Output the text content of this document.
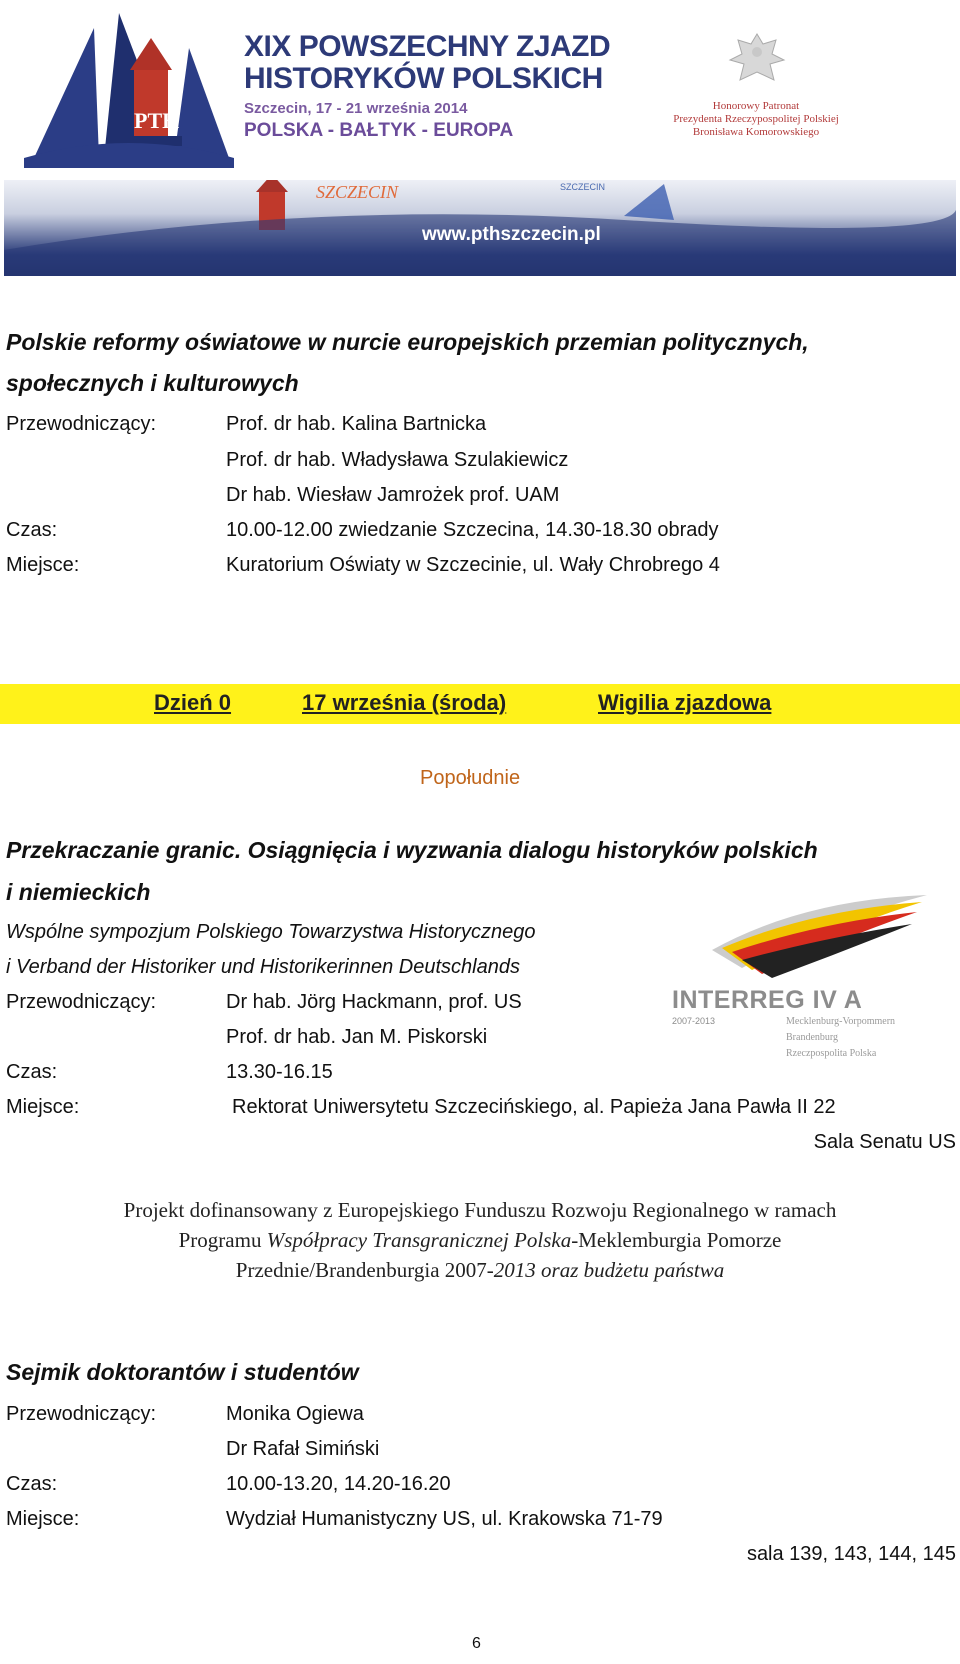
PTH
XIX POWSZECHNY ZJAZD
HISTORYKÓW POLSKICH
Szczecin, 17 - 21 września 2014
POLSKA - BAŁTYK - EUROPA
Honorowy Patronat
Prezydenta Rzeczypospolitej Polskiej
Bronisława Komorowskiego
SZCZECIN	SZCZECIN
www.pthszczecin.pl
Polskie reformy oświatowe w nurcie europejskich przemian politycznych,
społecznych i kulturowych
Przewodniczący:	Prof. dr hab. Kalina Bartnicka
Prof. dr hab. Władysława Szulakiewicz
Dr hab. Wiesław Jamrożek prof. UAM
Czas:	10.00-12.00 zwiedzanie Szczecina, 14.30-18.30 obrady
Miejsce:	Kuratorium Oświaty w Szczecinie, ul. Wały Chrobrego 4
Dzień 0	17 września (środa)	Wigilia zjazdowa
Popołudnie
Przekraczanie granic. Osiągnięcia i wyzwania dialogu historyków polskich
i niemieckich
Wspólne sympozjum Polskiego Towarzystwa Historycznego
i Verband der Historiker und Historikerinnen Deutschlands
Przewodniczący:	Dr hab. Jörg Hackmann, prof. US
Prof. dr hab. Jan M. Piskorski
Czas:	13.30-16.15
Miejsce:	Rektorat Uniwersytetu Szczecińskiego, al. Papieża Jana Pawła II 22
Sala Senatu US
INTERREG IV A
2007-2013	Mecklenburg-Vorpommern
Brandenburg
Rzeczpospolita Polska
Projekt dofinansowany z Europejskiego Funduszu Rozwoju Regionalnego w ramach
Programu Współpracy Transgranicznej Polska-Meklemburgia Pomorze
Przednie/Brandenburgia 2007-2013 oraz budżetu państwa
Sejmik doktorantów i studentów
Przewodniczący:	Monika Ogiewa
Dr Rafał Simiński
Czas:	10.00-13.20, 14.20-16.20
Miejsce:	Wydział Humanistyczny US, ul. Krakowska 71-79
sala 139, 143, 144, 145
6
